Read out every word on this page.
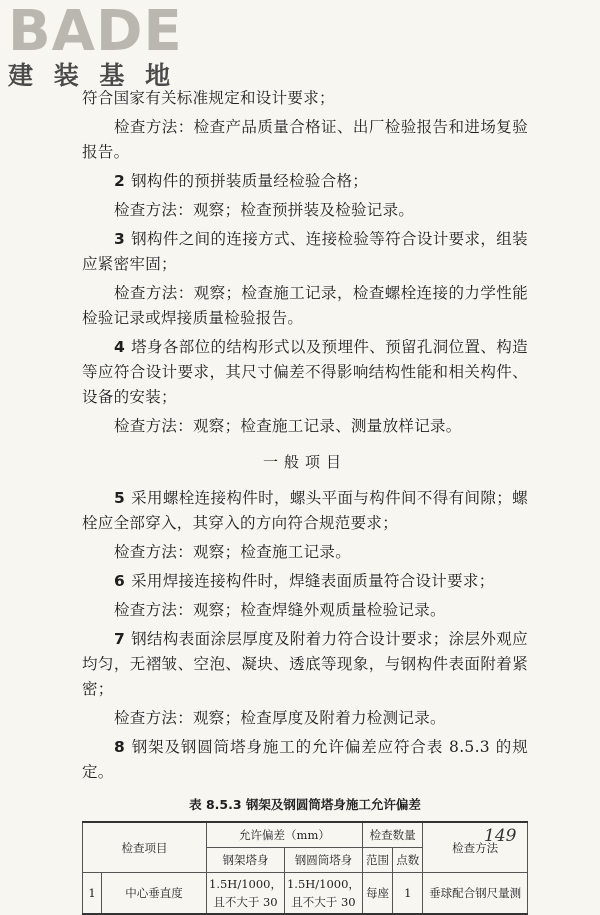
BADE
建 装 基 地

符合国家有关标准规定和设计要求；

检查方法：检查产品质量合格证、出厂检验报告和进场复验报告。

2 钢构件的预拼装质量经检验合格；

检查方法：观察；检查预拼装及检验记录。

3 钢构件之间的连接方式、连接检验等符合设计要求，组装应紧密牢固；

检查方法：观察；检查施工记录，检查螺栓连接的力学性能检验记录或焊接质量检验报告。

4 塔身各部位的结构形式以及预埋件、预留孔洞位置、构造等应符合设计要求，其尺寸偏差不得影响结构性能和相关构件、设备的安装；

检查方法：观察；检查施工记录、测量放样记录。

一般项目

5 采用螺栓连接构件时，螺头平面与构件间不得有间隙；螺栓应全部穿入，其穿入的方向符合规范要求；

检查方法：观察；检查施工记录。

6 采用焊接连接构件时，焊缝表面质量符合设计要求；

检查方法：观察；检查焊缝外观质量检验记录。

7 钢结构表面涂层厚度及附着力符合设计要求；涂层外观应均匀，无褶皱、空泡、凝块、透底等现象，与钢构件表面附着紧密；

检查方法：观察；检查厚度及附着力检测记录。

8 钢架及钢圆筒塔身施工的允许偏差应符合表 8.5.3 的规定。

表 8.5.3 钢架及钢圆筒塔身施工允许偏差
检查项目		允许偏差（mm）		检查数量		检查方法
		钢架塔身	钢圆筒塔身	范围	点数	
1	中心垂直度	1.5H/1000，且不大于 30	1.5H/1000，且不大于 30	每座	1	垂球配合钢尺量测
149
